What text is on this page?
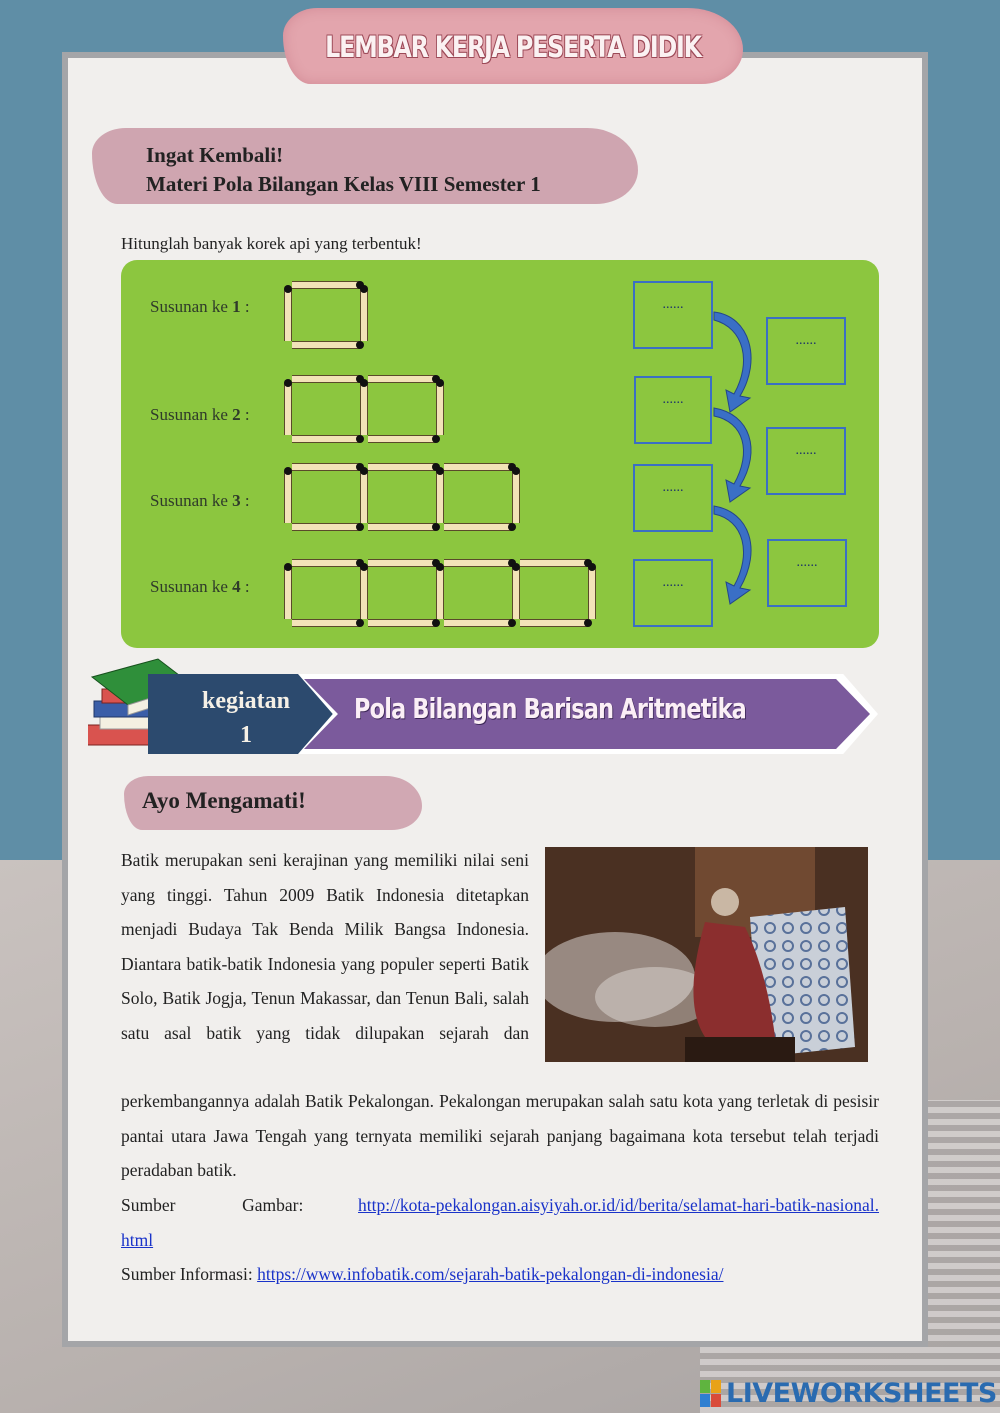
LEMBAR KERJA PESERTA DIDIK
Ingat Kembali!
Materi Pola Bilangan Kelas VIII Semester 1
Hitunglah banyak korek api yang terbentuk!
Susunan ke 1 :
Susunan ke 2 :
Susunan ke 3 :
Susunan ke 4 :
......
......
......
......
......
......
......
kegiatan
1
Pola Bilangan Barisan Aritmetika
Ayo Mengamati!
Batik merupakan seni kerajinan yang memiliki nilai seni yang tinggi. Tahun 2009 Batik Indonesia ditetapkan menjadi Budaya Tak Benda Milik Bangsa Indonesia. Diantara batik-batik Indonesia yang populer seperti Batik Solo, Batik Jogja, Tenun Makassar, dan Tenun Bali, salah satu asal batik yang tidak dilupakan sejarah dan
perkembangannya adalah Batik Pekalongan. Pekalongan merupakan salah satu kota yang terletak di pesisir pantai utara Jawa Tengah yang ternyata memiliki sejarah panjang bagaimana kota tersebut telah terjadi peradaban batik.
Sumber Gambar:	http://kota-pekalongan.aisyiyah.or.id/id/berita/selamat-hari-batik-nasional.html
Sumber Informasi: https://www.infobatik.com/sejarah-batik-pekalongan-di-indonesia/
LIVEWORKSHEETS
